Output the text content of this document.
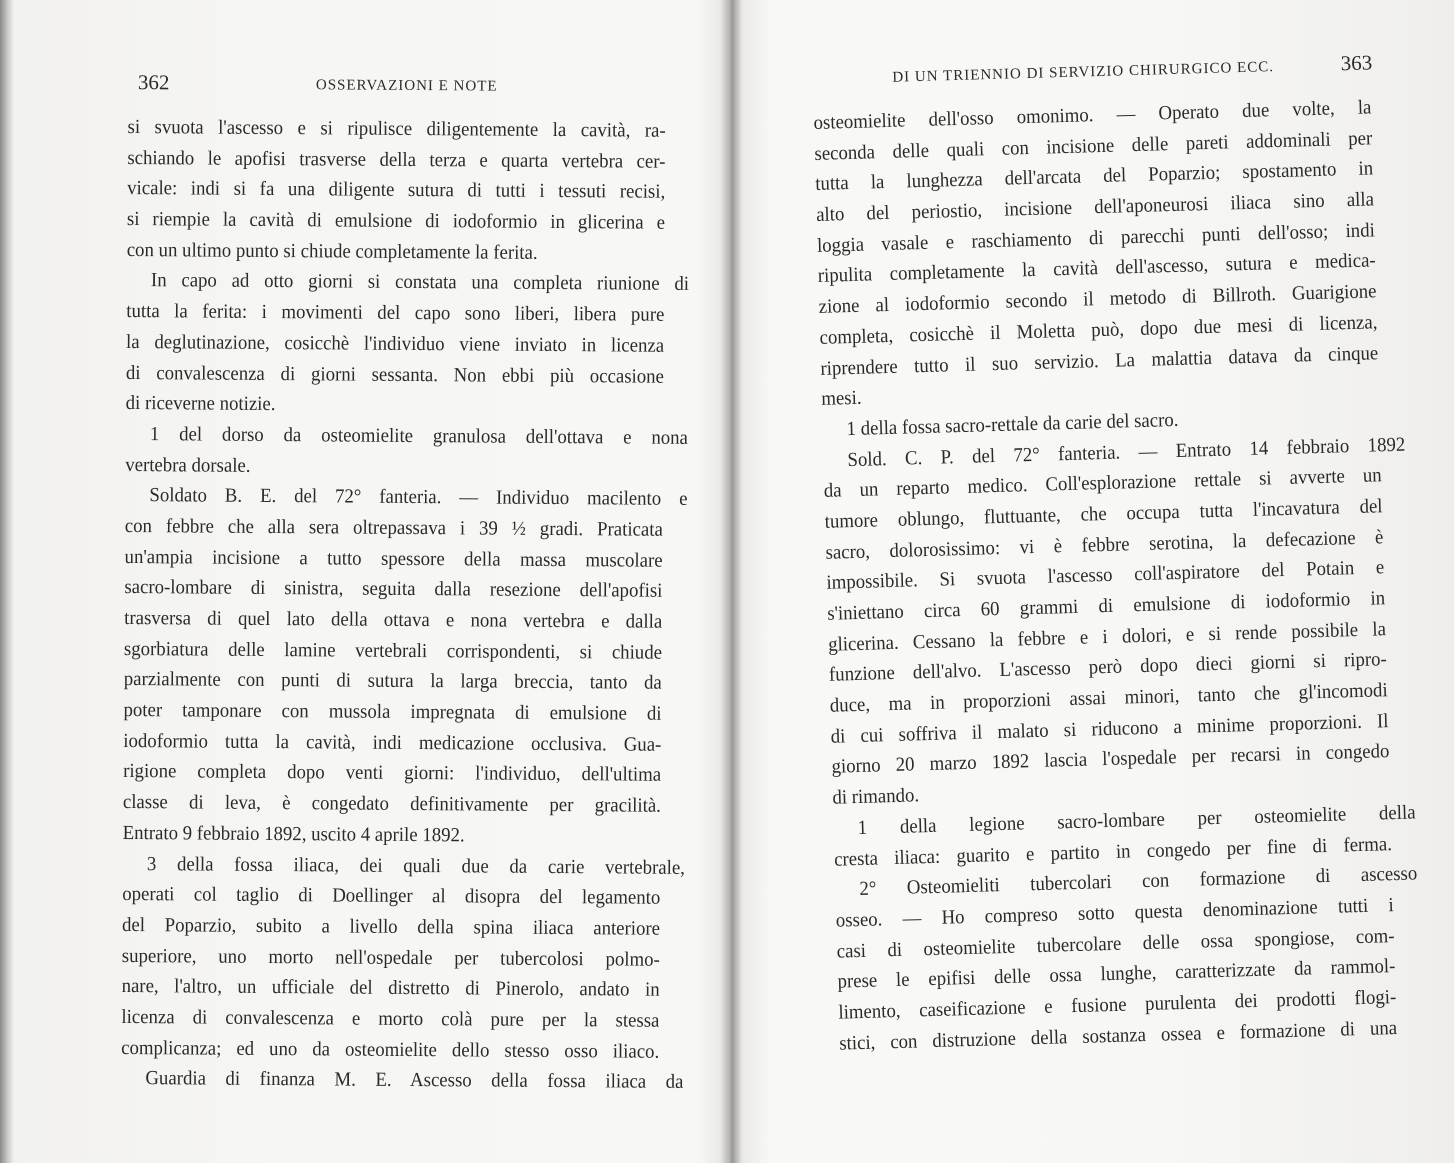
362	OSSERVAZIONI E NOTE
si svuota l'ascesso e si ripulisce diligentemente la cavità, ra-
schiando le apofisi trasverse della terza e quarta vertebra cer-
vicale: indi si fa una diligente sutura di tutti i tessuti recisi,
si riempie la cavità di emulsione di iodoformio in glicerina e
con un ultimo punto si chiude completamente la ferita.
In capo ad otto giorni si constata una completa riunione di
tutta la ferita: i movimenti del capo sono liberi, libera pure
la deglutinazione, cosicchè l'individuo viene inviato in licenza
di convalescenza di giorni sessanta. Non ebbi più occasione
di riceverne notizie.
1 del dorso da osteomielite granulosa dell'ottava e nona
vertebra dorsale.
Soldato B. E. del 72° fanteria. — Individuo macilento e
con febbre che alla sera oltrepassava i 39 ½ gradi. Praticata
un'ampia incisione a tutto spessore della massa muscolare
sacro-lombare di sinistra, seguita dalla resezione dell'apofisi
trasversa di quel lato della ottava e nona vertebra e dalla
sgorbiatura delle lamine vertebrali corrispondenti, si chiude
parzialmente con punti di sutura la larga breccia, tanto da
poter tamponare con mussola impregnata di emulsione di
iodoformio tutta la cavità, indi medicazione occlusiva. Gua-
rigione completa dopo venti giorni: l'individuo, dell'ultima
classe di leva, è congedato definitivamente per gracilità.
Entrato 9 febbraio 1892, uscito 4 aprile 1892.
3 della fossa iliaca, dei quali due da carie vertebrale,
operati col taglio di Doellinger al disopra del legamento
del Poparzio, subito a livello della spina iliaca anteriore
superiore, uno morto nell'ospedale per tubercolosi polmo-
nare, l'altro, un ufficiale del distretto di Pinerolo, andato in
licenza di convalescenza e morto colà pure per la stessa
complicanza; ed uno da osteomielite dello stesso osso iliaco.
Guardia di finanza M. E. Ascesso della fossa iliaca da
DI UN TRIENNIO DI SERVIZIO CHIRURGICO ECC.	363
osteomielite dell'osso omonimo. — Operato due volte, la
seconda delle quali con incisione delle pareti addominali per
tutta la lunghezza dell'arcata del Poparzio; spostamento in
alto del periostio, incisione dell'aponeurosi iliaca sino alla
loggia vasale e raschiamento di parecchi punti dell'osso; indi
ripulita completamente la cavità dell'ascesso, sutura e medica-
zione al iodoformio secondo il metodo di Billroth. Guarigione
completa, cosicchè il Moletta può, dopo due mesi di licenza,
riprendere tutto il suo servizio. La malattia datava da cinque
mesi.
1 della fossa sacro-rettale da carie del sacro.
Sold. C. P. del 72° fanteria. — Entrato 14 febbraio 1892
da un reparto medico. Coll'esplorazione rettale si avverte un
tumore oblungo, fluttuante, che occupa tutta l'incavatura del
sacro, dolorosissimo: vi è febbre serotina, la defecazione è
impossibile. Si svuota l'ascesso coll'aspiratore del Potain e
s'iniettano circa 60 grammi di emulsione di iodoformio in
glicerina. Cessano la febbre e i dolori, e si rende possibile la
funzione dell'alvo. L'ascesso però dopo dieci giorni si ripro-
duce, ma in proporzioni assai minori, tanto che gl'incomodi
di cui soffriva il malato si riducono a minime proporzioni. Il
giorno 20 marzo 1892 lascia l'ospedale per recarsi in congedo
di rimando.
1 della legione sacro-lombare per osteomielite della
cresta iliaca: guarito e partito in congedo per fine di ferma.
2° Osteomieliti tubercolari con formazione di ascesso
osseo. — Ho compreso sotto questa denominazione tutti i
casi di osteomielite tubercolare delle ossa spongiose, com-
prese le epifisi delle ossa lunghe, caratterizzate da rammol-
limento, caseificazione e fusione purulenta dei prodotti flogi-
stici, con distruzione della sostanza ossea e formazione di una
